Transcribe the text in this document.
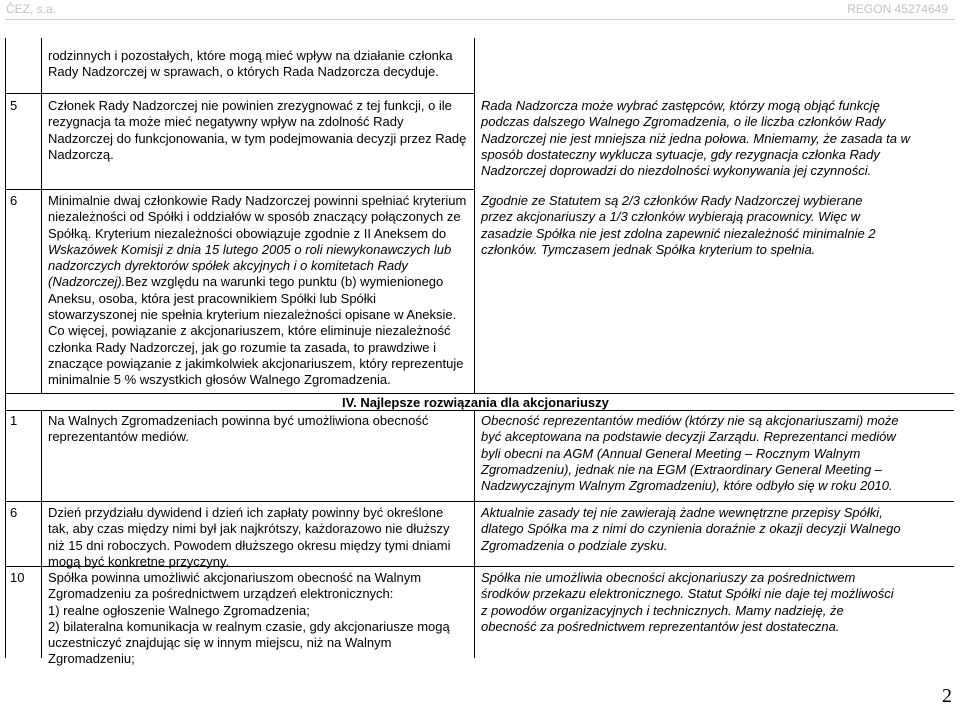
ČEZ, s.a.	REGON 45274649
rodzinnych i pozostałych, które mogą mieć wpływ na działanie członka Rady Nadzorczej w sprawach, o których Rada Nadzorcza decyduje.
5 Członek Rady Nadzorczej nie powinien zrezygnować z tej funkcji, o ile rezygnacja ta może mieć negatywny wpływ na zdolność Rady Nadzorczej do funkcjonowania, w tym podejmowania decyzji przez Radę Nadzorczą.
Rada Nadzorcza może wybrać zastępców, którzy mogą objąć funkcję podczas dalszego Walnego Zgromadzenia, o ile liczba członków Rady Nadzorczej nie jest mniejsza niż jedna połowa. Mniemamy, że zasada ta w sposób dostateczny wyklucza sytuacje, gdy rezygnacja członka Rady Nadzorczej doprowadzi do niezdolności wykonywania jej czynności.
6 Minimalnie dwaj członkowie Rady Nadzorczej powinni spełniać kryterium niezależności od Spółki i oddziałów w sposób znaczący połączonych ze Spółką. Kryterium niezależności obowiązuje zgodnie z II Aneksem do Wskazówek Komisji z dnia 15 lutego 2005 o roli niewykonawczych lub nadzorczych dyrektorów spółek akcyjnych i o komitetach Rady (Nadzorczej).Bez względu na warunki tego punktu (b) wymienionego Aneksu, osoba, która jest pracownikiem Spółki lub Spółki stowarzyszonej nie spełnia kryterium niezależności opisane w Aneksie. Co więcej, powiązanie z akcjonariuszem, które eliminuje niezależność członka Rady Nadzorczej, jak go rozumie ta zasada, to prawdziwe i znaczące powiązanie z jakimkolwiek akcjonariuszem, który reprezentuje minimalnie 5 % wszystkich głosów Walnego Zgromadzenia.
Zgodnie ze Statutem są 2/3 członków Rady Nadzorczej wybierane przez akcjonariuszy a 1/3 członków wybierają pracownicy. Więc w zasadzie Spółka nie jest zdolna zapewnić niezależność minimalnie 2 członków. Tymczasem jednak Spółka kryterium to spełnia.
IV. Najlepsze rozwiązania dla akcjonariuszy
1 Na Walnych Zgromadzeniach powinna być umożliwiona obecność reprezentantów mediów.
Obecność reprezentantów mediów (którzy nie są akcjonariuszami) może być akceptowana na podstawie decyzji Zarządu. Reprezentanci mediów byli obecni na AGM (Annual General Meeting – Rocznym Walnym Zgromadzeniu), jednak nie na EGM (Extraordinary General Meeting – Nadzwyczajnym Walnym Zgromadzeniu), które odbyło się w roku 2010.
6 Dzień przydziału dywidend i dzień ich zapłaty powinny być określone tak, aby czas między nimi był jak najkrótszy, każdorazowo nie dłuższy niż 15 dni roboczych. Powodem dłuższego okresu między tymi dniami mogą być konkretne przyczyny.
Aktualnie zasady tej nie zawierają żadne wewnętrzne przepisy Spółki, dlatego Spółka ma z nimi do czynienia doraźnie z okazji decyzji Walnego Zgromadzenia o podziale zysku.
10 Spółka powinna umożliwić akcjonariuszom obecność na Walnym Zgromadzeniu za pośrednictwem urządzeń elektronicznych:

1) realne ogłoszenie Walnego Zgromadzenia;

2) bilateralna komunikacja w realnym czasie, gdy akcjonariusze mogą uczestniczyć znajdując się w innym miejscu, niż na Walnym Zgromadzeniu;

Spółka nie umożliwia obecności akcjonariuszy za pośrednictwem środków przekazu elektronicznego. Statut Spółki nie daje tej możliwości z powodów organizacyjnych i technicznych. Mamy nadzieję, że obecność za pośrednictwem reprezentantów jest dostateczna.
2
